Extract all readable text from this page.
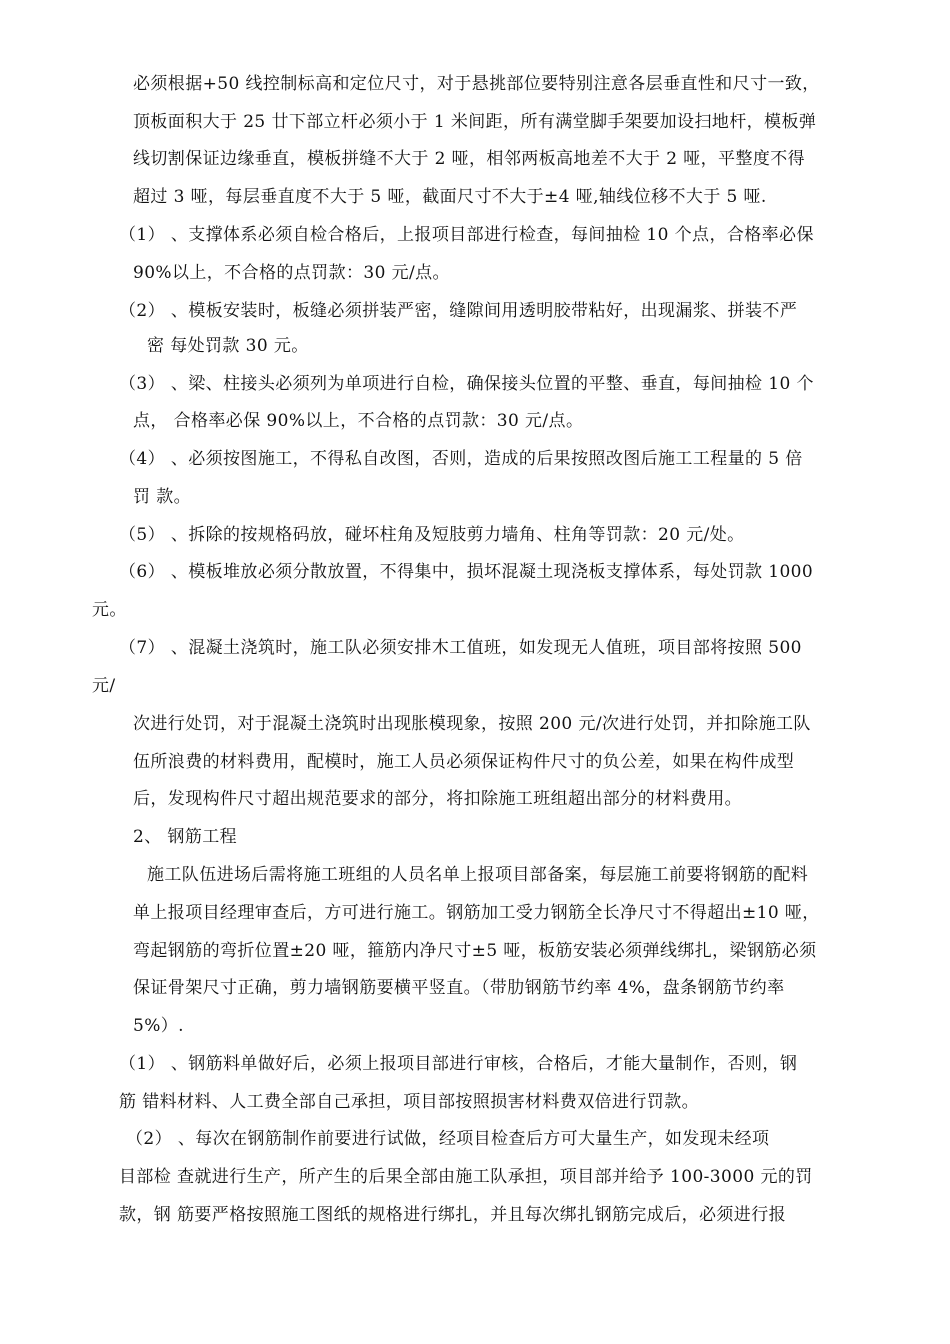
必须根据+50 线控制标高和定位尺寸，对于悬挑部位要特别注意各层垂直性和尺寸一致，
顶板面积大于 25 廿下部立杆必须小于 1 米间距，所有满堂脚手架要加设扫地杆，模板弹
线切割保证边缘垂直，模板拼缝不大于 2 哑，相邻两板高地差不大于 2 哑，平整度不得
超过 3 哑，每层垂直度不大于 5 哑，截面尺寸不大于±4 哑,轴线位移不大于 5 哑.
（1） 、支撑体系必须自检合格后，上报项目部进行检查，每间抽检 10 个点，合格率必保
90%以上，不合格的点罚款：30 元/点。
（2） 、模板安装时，板缝必须拼装严密，缝隙间用透明胶带粘好，出现漏浆、拼装不严
密 每处罚款 30 元。
（3） 、梁、柱接头必须列为单项进行自检，确保接头位置的平整、垂直，每间抽检 10 个
点， 合格率必保 90%以上，不合格的点罚款：30 元/点。
（4） 、必须按图施工，不得私自改图，否则，造成的后果按照改图后施工工程量的 5 倍
罚 款。
（5） 、拆除的按规格码放，碰坏柱角及短肢剪力墙角、柱角等罚款：20 元/处。
（6） 、模板堆放必须分散放置，不得集中，损坏混凝土现浇板支撑体系，每处罚款 1000
元。
（7） 、混凝土浇筑时，施工队必须安排木工值班，如发现无人值班，项目部将按照 500
元/
次进行处罚，对于混凝土浇筑时出现胀模现象，按照 200 元/次进行处罚，并扣除施工队
伍所浪费的材料费用，配模时，施工人员必须保证构件尺寸的负公差，如果在构件成型
后，发现构件尺寸超出规范要求的部分，将扣除施工班组超出部分的材料费用。
2、 钢筋工程
施工队伍进场后需将施工班组的人员名单上报项目部备案，每层施工前要将钢筋的配料
单上报项目经理审查后，方可进行施工。钢筋加工受力钢筋全长净尺寸不得超出±10 哑，
弯起钢筋的弯折位置±20 哑，箍筋内净尺寸±5 哑，板筋安装必须弹线绑扎，梁钢筋必须
保证骨架尺寸正确，剪力墙钢筋要横平竖直。（带肋钢筋节约率 4%，盘条钢筋节约率
5%）.
（1） 、钢筋料单做好后，必须上报项目部进行审核，合格后，才能大量制作，否则，钢
筋 错料材料、人工费全部自己承担，项目部按照损害材料费双倍进行罚款。
（2） 、每次在钢筋制作前要进行试做，经项目检查后方可大量生产，如发现未经项
目部检 查就进行生产，所产生的后果全部由施工队承担，项目部并给予 100-3000 元的罚
款，钢 筋要严格按照施工图纸的规格进行绑扎，并且每次绑扎钢筋完成后，必须进行报
